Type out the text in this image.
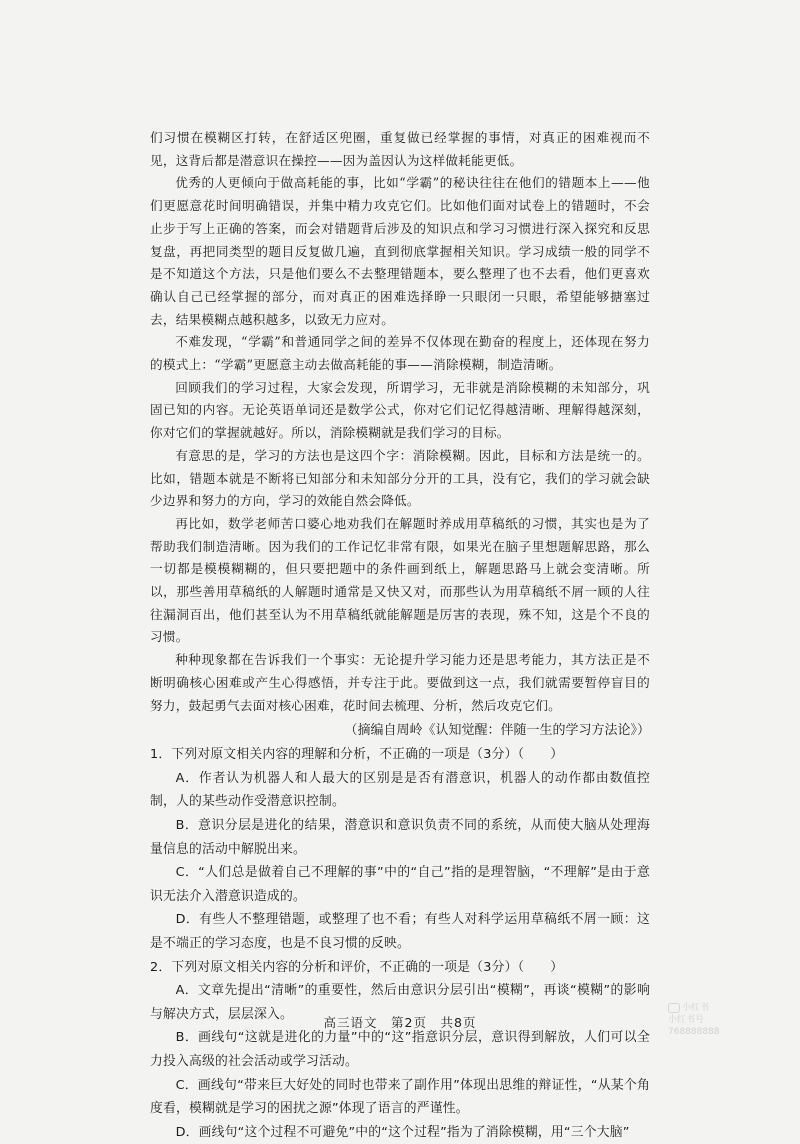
们习惯在模糊区打转，在舒适区兜圈，重复做已经掌握的事情，对真正的困难视而不见，这背后都是潜意识在操控——因为盖因认为这样做耗能更低。

优秀的人更倾向于做高耗能的事，比如“学霸”的秘诀往往在他们的错题本上——他们更愿意花时间明确错误，并集中精力攻克它们。比如他们面对试卷上的错题时，不会止步于写上正确的答案，而会对错题背后涉及的知识点和学习习惯进行深入探究和反思复盘，再把同类型的题目反复做几遍，直到彻底掌握相关知识。学习成绩一般的同学不是不知道这个方法，只是他们要么不去整理错题本，要么整理了也不去看，他们更喜欢确认自己已经掌握的部分，而对真正的困难选择睁一只眼闭一只眼，希望能够搪塞过去，结果模糊点越积越多，以致无力应对。

不难发现，“学霸”和普通同学之间的差异不仅体现在勤奋的程度上，还体现在努力的模式上：“学霸”更愿意主动去做高耗能的事——消除模糊，制造清晰。

回顾我们的学习过程，大家会发现，所谓学习，无非就是消除模糊的未知部分，巩固已知的内容。无论英语单词还是数学公式，你对它们记忆得越清晰、理解得越深刻，你对它们的掌握就越好。所以，消除模糊就是我们学习的目标。

有意思的是，学习的方法也是这四个字：消除模糊。因此，目标和方法是统一的。比如，错题本就是不断将已知部分和未知部分分开的工具，没有它，我们的学习就会缺少边界和努力的方向，学习的效能自然会降低。

再比如，数学老师苦口婆心地劝我们在解题时养成用草稿纸的习惯，其实也是为了帮助我们制造清晰。因为我们的工作记忆非常有限，如果光在脑子里想题解思路，那么一切都是模模糊糊的，但只要把题中的条件画到纸上，解题思路马上就会变清晰。所以，那些善用草稿纸的人解题时通常是又快又对，而那些认为用草稿纸不屑一顾的人往往漏洞百出，他们甚至认为不用草稿纸就能解题是厉害的表现，殊不知，这是个不良的习惯。

种种现象都在告诉我们一个事实：无论提升学习能力还是思考能力，其方法正是不断明确核心困难或产生心得感悟，并专注于此。要做到这一点，我们就需要暂停盲目的努力，鼓起勇气去面对核心困难，花时间去梳理、分析，然后攻克它们。

（摘编自周岭《认知觉醒：伴随一生的学习方法论》）

1．下列对原文相关内容的理解和分析，不正确的一项是（3分）（　　）

A．作者认为机器人和人最大的区别是是否有潜意识，机器人的动作都由数值控制，人的某些动作受潜意识控制。

B．意识分层是进化的结果，潜意识和意识负责不同的系统，从而使大脑从处理海量信息的活动中解脱出来。

C．“人们总是做着自己不理解的事”中的“自己”指的是理智脑，“不理解”是由于意识无法介入潜意识造成的。

D．有些人不整理错题，或整理了也不看；有些人对科学运用草稿纸不屑一顾：这是不端正的学习态度，也是不良习惯的反映。

2．下列对原文相关内容的分析和评价，不正确的一项是（3分）（　　）

A．文章先提出“清晰”的重要性，然后由意识分层引出“模糊”，再谈“模糊”的影响与解决方式，层层深入。

B．画线句“这就是进化的力量”中的“这”指意识分层，意识得到解放，人们可以全力投入高级的社会活动或学习活动。

C．画线句“带来巨大好处的同时也带来了副作用”体现出思维的辩证性，“从某个角度看，模糊就是学习的困扰之源”体现了语言的严谨性。

D．画线句“这个过程不可避免”中的“这个过程”指为了消除模糊，用“三个大脑”

高三语文　第2页　共8页
小红书
小红书号 768888888
